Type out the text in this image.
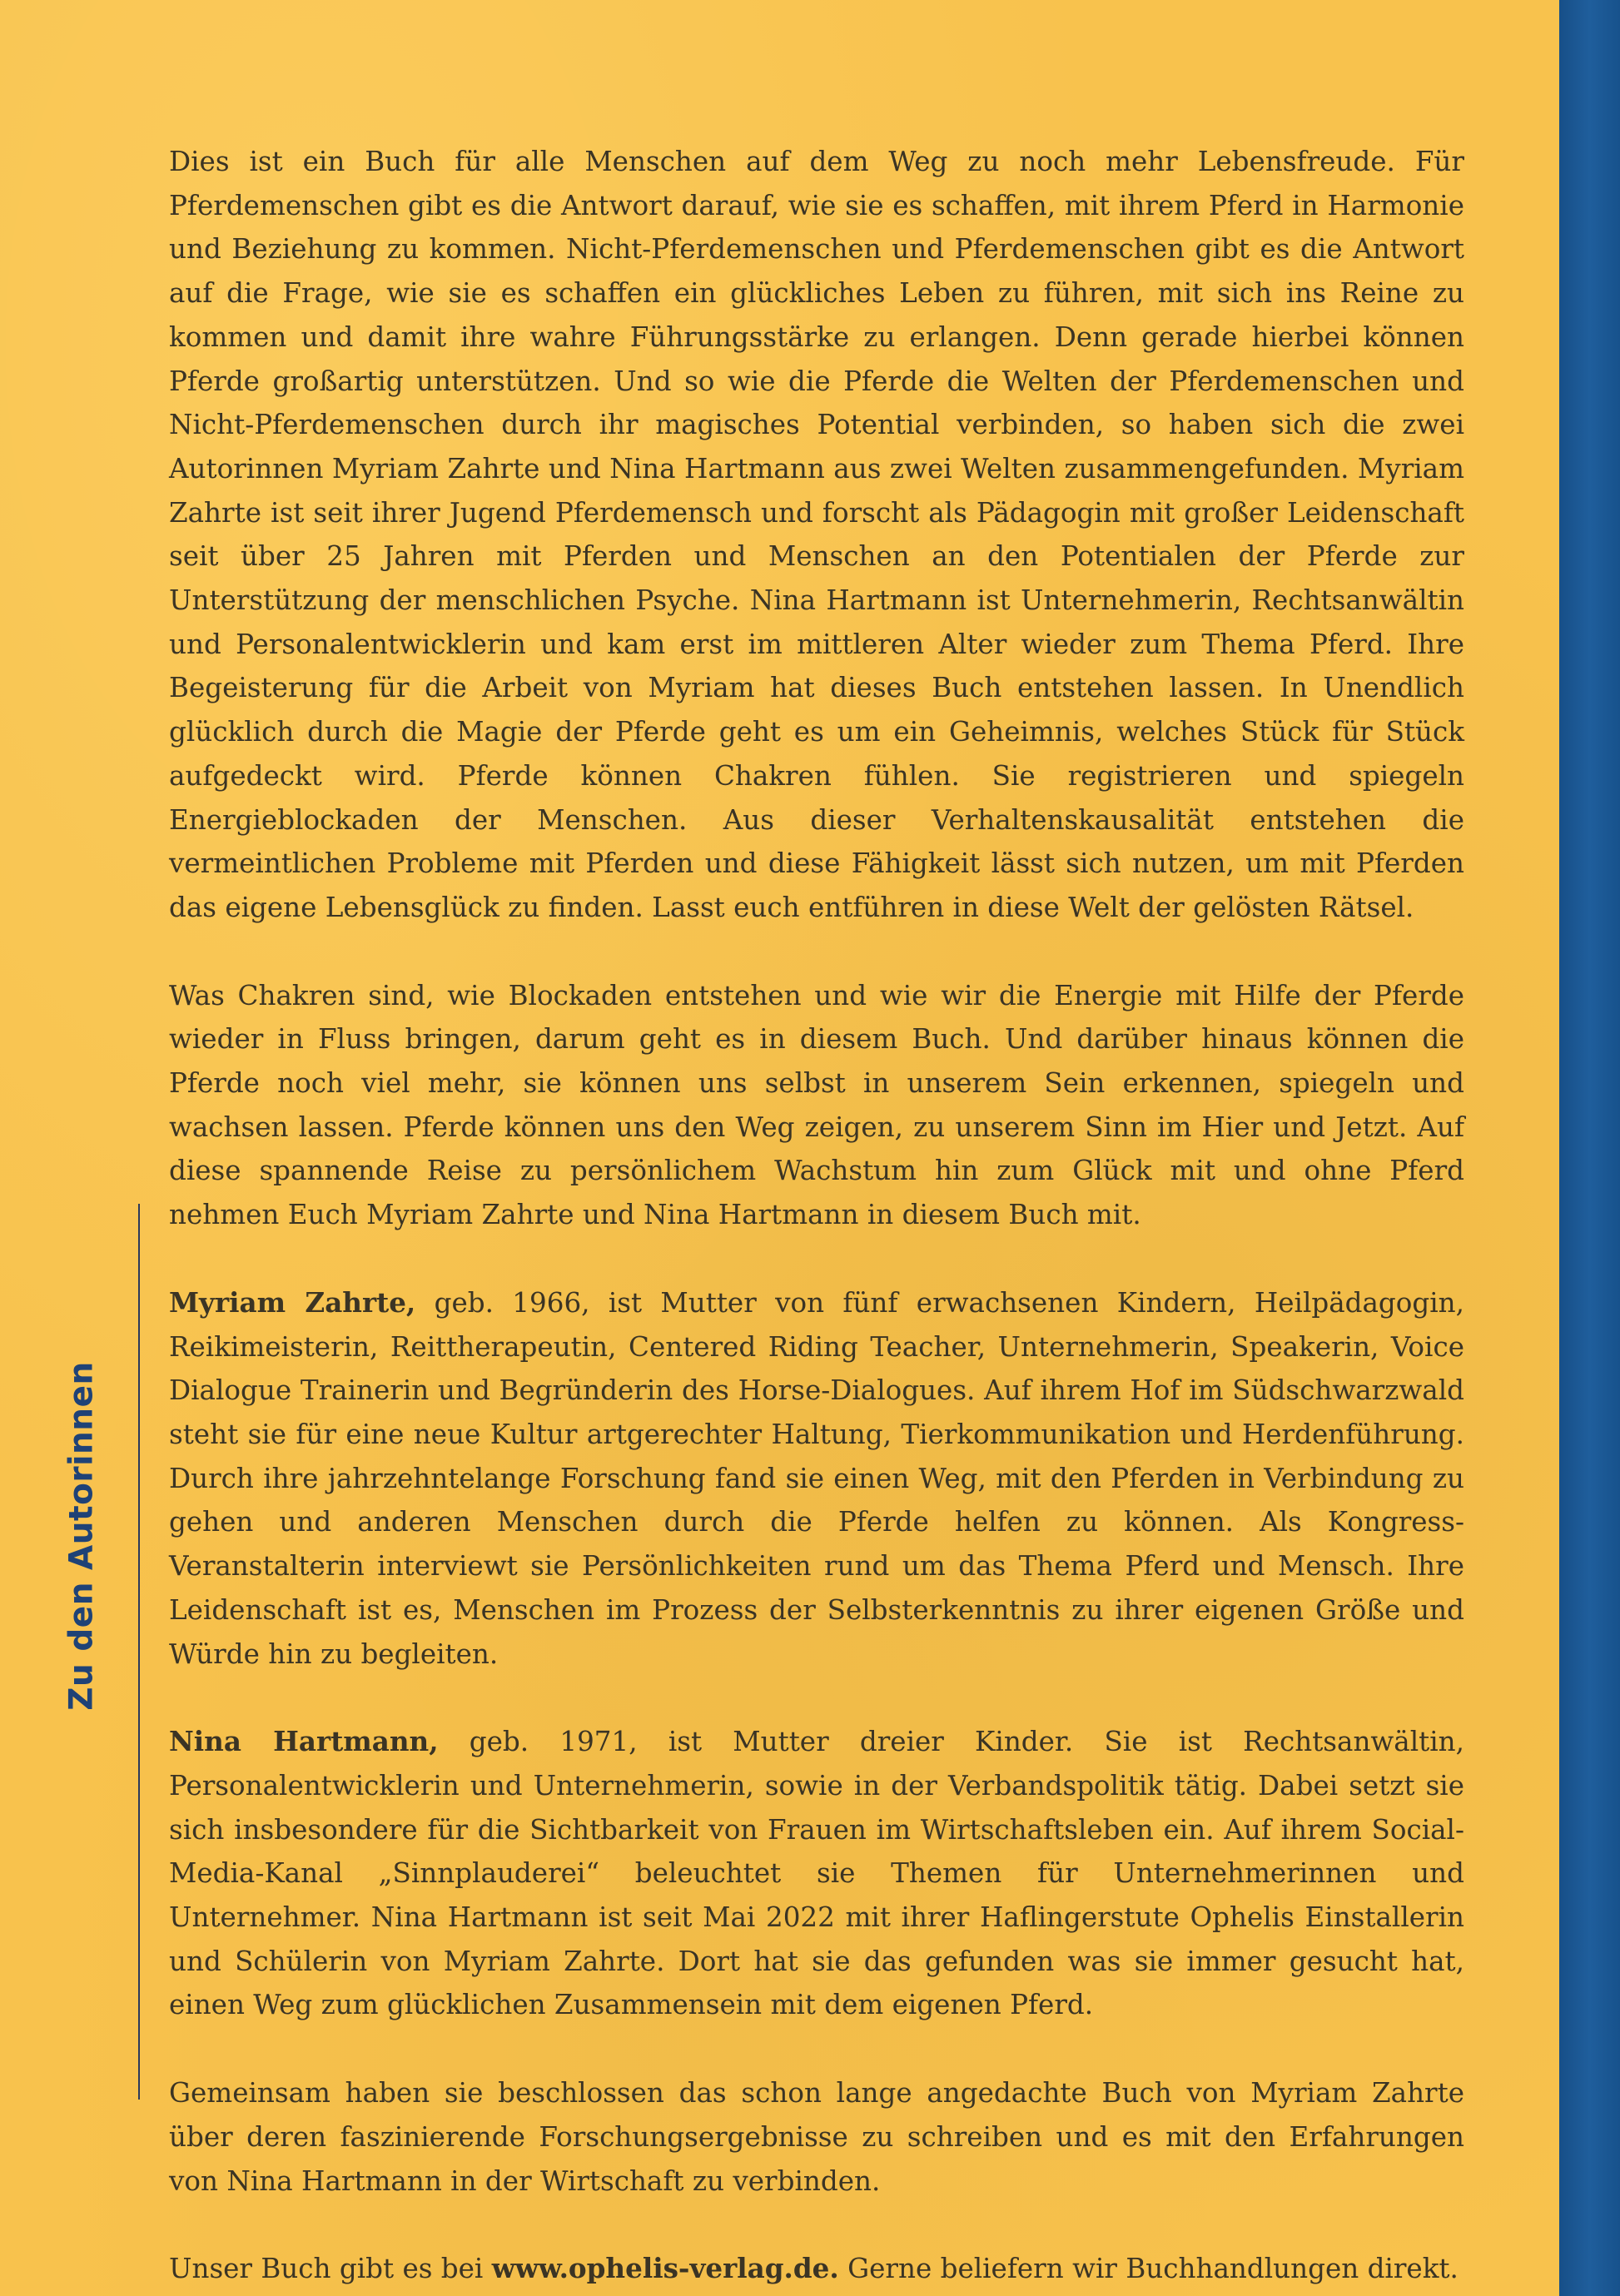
Dies ist ein Buch für alle Menschen auf dem Weg zu noch mehr Lebensfreude. Für Pferdemenschen gibt es die Antwort darauf, wie sie es schaffen, mit ihrem Pferd in Harmonie und Beziehung zu kommen. Nicht-Pferdemenschen und Pferdemenschen gibt es die Antwort auf die Frage, wie sie es schaffen ein glückliches Leben zu führen, mit sich ins Reine zu kommen und damit ihre wahre Führungsstärke zu erlangen. Denn gerade hierbei können Pferde großartig unterstützen. Und so wie die Pferde die Welten der Pferdemenschen und Nicht-Pferdemenschen durch ihr magisches Potential verbinden, so haben sich die zwei Autorinnen Myriam Zahrte und Nina Hartmann aus zwei Welten zusammengefunden. Myriam Zahrte ist seit ihrer Jugend Pferdemensch und forscht als Pädagogin mit großer Leidenschaft seit über 25 Jahren mit Pferden und Menschen an den Potentialen der Pferde zur Unterstützung der menschlichen Psyche. Nina Hartmann ist Unternehmerin, Rechtsanwältin und Personalentwicklerin und kam erst im mittleren Alter wieder zum Thema Pferd. Ihre Begeisterung für die Arbeit von Myriam hat dieses Buch entstehen lassen. In Unendlich glücklich durch die Magie der Pferde geht es um ein Geheimnis, welches Stück für Stück aufgedeckt wird. Pferde können Chakren fühlen. Sie registrieren und spiegeln Energieblockaden der Menschen. Aus dieser Verhaltenskausalität entstehen die vermeintlichen Probleme mit Pferden und diese Fähigkeit lässt sich nutzen, um mit Pferden das eigene Lebensglück zu finden. Lasst euch entführen in diese Welt der gelösten Rätsel.

Was Chakren sind, wie Blockaden entstehen und wie wir die Energie mit Hilfe der Pferde wieder in Fluss bringen, darum geht es in diesem Buch. Und darüber hinaus können die Pferde noch viel mehr, sie können uns selbst in unserem Sein erkennen, spiegeln und wachsen lassen. Pferde können uns den Weg zeigen, zu unserem Sinn im Hier und Jetzt. Auf diese spannende Reise zu persönlichem Wachstum hin zum Glück mit und ohne Pferd nehmen Euch Myriam Zahrte und Nina Hartmann in diesem Buch mit.

Myriam Zahrte, geb. 1966, ist Mutter von fünf erwachsenen Kindern, Heilpädagogin, Reikimeisterin, Reittherapeutin, Centered Riding Teacher, Unternehmerin, Speakerin, Voice Dialogue Trainerin und Begründerin des Horse-Dialogues. Auf ihrem Hof im Südschwarzwald steht sie für eine neue Kultur artgerechter Haltung, Tierkommunikation und Herdenführung. Durch ihre jahrzehntelange Forschung fand sie einen Weg, mit den Pferden in Verbindung zu gehen und anderen Menschen durch die Pferde helfen zu können. Als Kongress-Veranstalterin interviewt sie Persönlichkeiten rund um das Thema Pferd und Mensch. Ihre Leidenschaft ist es, Menschen im Prozess der Selbsterkenntnis zu ihrer eigenen Größe und Würde hin zu begleiten.

Nina Hartmann, geb. 1971, ist Mutter dreier Kinder. Sie ist Rechtsanwältin, Personalentwicklerin und Unternehmerin, sowie in der Verbandspolitik tätig. Dabei setzt sie sich insbesondere für die Sichtbarkeit von Frauen im Wirtschaftsleben ein. Auf ihrem Social-Media-Kanal „Sinnplauderei“ beleuchtet sie Themen für Unternehmerinnen und Unternehmer. Nina Hartmann ist seit Mai 2022 mit ihrer Haflingerstute Ophelis Einstallerin und Schülerin von Myriam Zahrte. Dort hat sie das gefunden was sie immer gesucht hat, einen Weg zum glücklichen Zusammensein mit dem eigenen Pferd.

Gemeinsam haben sie beschlossen das schon lange angedachte Buch von Myriam Zahrte über deren faszinierende Forschungsergebnisse zu schreiben und es mit den Erfahrungen von Nina Hartmann in der Wirtschaft zu verbinden.

Unser Buch gibt es bei www.ophelis-verlag.de. Gerne beliefern wir Buchhandlungen direkt.

Zu den Autorinnen
